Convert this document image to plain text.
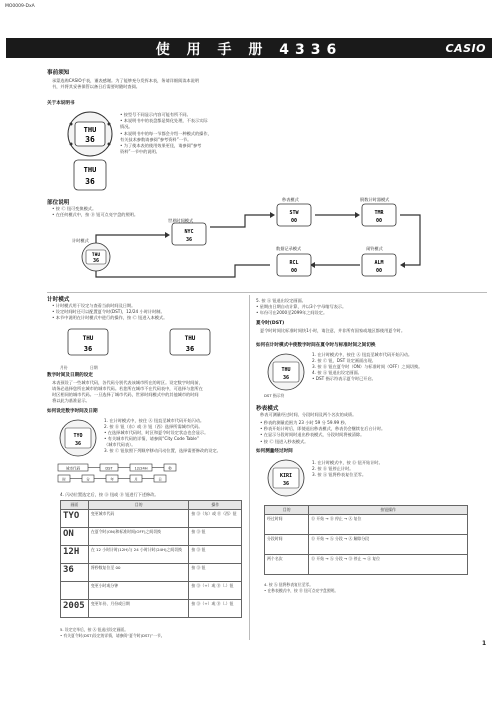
MO0009-DxA
使 用 手 册 4336	CASIO
事前须知
承蒙选购CASIO手表，谨表感谢。为了能够充分发挥本表，务请详细阅读本说明
书，并将其妥善保管以备日后需要时随时查阅。
关于本说明书
THU
36
THU
36
• 按型号不同显示内容可能有所不同。
• 本说明书中的表盘都是简化处理，不表示实际
情况。
• 本说明书中的每一节都会介绍一种模式的操作，
有关技术参数请参阅“参考资料”一节。
• 为了使本表的使用效果更佳，请参阅“参考
资料”一节中的说明。
部位说明
• 按 Ⓒ 钮可变换模式。
• 在任何模式中，按 Ⓑ 钮可点亮字盘的照明。
THU
36
NYC
36
STW
00
TMR
00
ALM
00
RCL
00
计时模式
世界时间模式
秒表模式	倒数计时器模式
闹铃模式
数据记录模式
计时模式
• 计时模式用于设定与查看当前时间及日期。
• 设定时间时还可以配置夏令时(DST)，12/24 小时计时制。
• 本节中说明在计时模式中进行的操作，按 Ⓒ 钮进入本模式。
THU
36
THU
36
月份	日期
数字时间及日期的设定
本表预设了一些城市代码，各代码分别代表该城市所在的时区。设定数字时间前，
请务必选择您所在城市的城市代码。若您所在城市不在代码表中，可选择与您所在
时区相同的城市代码。一旦选择了城市代码，世界时间模式中的其他城市的时间
将以此为基准显示。
如何设定数字时间及日期
TYO
36
1. 在计时模式中，按住 Ⓐ 钮直至城市代码开始闪动。
2. 按 Ⓓ 钮（东）或 Ⓑ 钮（西）选择所需城市代码。
• 在选择城市代码时，时区和夏令时设定状态也会显示。
• 有关城市代码的详情，请参阅“City Code Table”
（城市代码表）。
3. 按 Ⓒ 钮依照下列顺序移动闪动位置，选择需要修改的设定。
城市代码	DST	12/24H	秒
时	分	年	月	日
4. 闪动位置选定后，按 Ⓓ 钮或 Ⓑ 钮进行下述修改。
画面	目的	操作
TYO	变更城市代码	按 Ⓓ（东）或 Ⓑ（西）钮
ON	在夏令时(ON)和标准时间(OFF)之间切换	按 Ⓓ 钮
12H	在 12 小时计时(12H)与 24 小时计时(24H)之间切换	按 Ⓓ 钮
36	将秒数复位至 00	按 Ⓓ 钮
	变更小时或分钟	按 Ⓓ（+）或 Ⓑ（-）钮
2005	变更年份、月份或日期	按 Ⓓ（+）或 Ⓑ（-）钮
5. 设定完毕后，按 Ⓐ 钮退出设定画面。
• 有关夏令时(DST)设定的详情，请参阅“夏令时(DST)”一节。
5. 按 Ⓐ 钮退出设定画面。
• 星期由日期自动计算，并以3个字母缩写表示。
• 年份可在2000至2099年之间设定。
夏令时(DST)
夏令时时间比标准时间快1小时，请注意，并非所有国家或地区都使用夏令时。
如何在计时模式中使数字时间在夏令时与标准时间之间切换
THU
36
DST 指示符
1. 在计时模式中，按住 Ⓐ 钮直至城市代码开始闪动。
2. 按 Ⓒ 钮，DST 设定画面出现。
3. 按 Ⓓ 钮在夏令时（ON）与标准时间（OFF）之间切换。
4. 按 Ⓐ 钮退出设定画面。
• DST 指示符表示夏令时已开启。
秒表模式
秒表可测量经过时间、分段时间及两个名次的成绩。
• 秒表的测量范围为 23 小时 59 分 59.99 秒。
• 秒表开始计时后，即使退出秒表模式，秒表仍会继续在后台计时。
• 在显示分段时间时退出秒表模式，分段时间将被清除。
• 按 Ⓒ 钮进入秒表模式。
如何测量经过时间
KIRI
36
1. 在计时模式中，按 Ⓓ 钮开始计时。
2. 按 Ⓓ 钮停止计时。
3. 按 Ⓐ 钮将秒表复位至零。
目的	按钮操作
经过时间	Ⓓ 开始 → Ⓓ 停止 → Ⓐ 复位
分段时间	Ⓓ 开始 → Ⓐ 分段 → Ⓐ 解除分段
两个名次	Ⓓ 开始 → Ⓐ 分段 → Ⓓ 停止 → Ⓐ 复位
4. 按 Ⓐ 钮将秒表复位至零。
• 在秒表模式中，按 Ⓑ 钮可点亮字盘照明。
1
